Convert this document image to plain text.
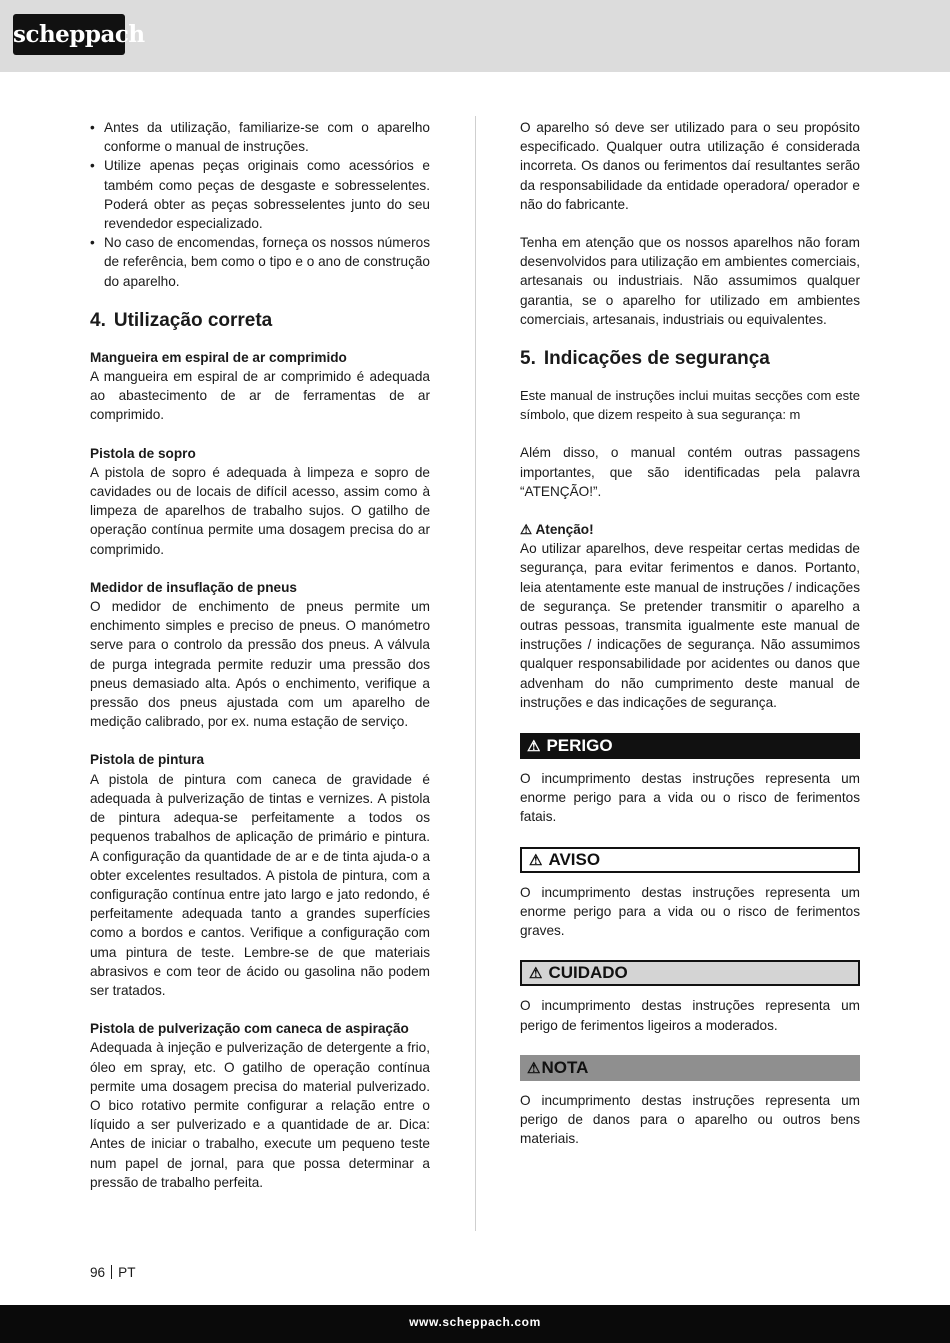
scheppach
• Antes da utilização, familiarize-se com o aparelho conforme o manual de instruções.
• Utilize apenas peças originais como acessórios e também como peças de desgaste e sobresselentes. Poderá obter as peças sobresselentes junto do seu revendedor especializado.
• No caso de encomendas, forneça os nossos números de referência, bem como o tipo e o ano de construção do aparelho.
4. Utilização correta

Mangueira em espiral de ar comprimido

A mangueira em espiral de ar comprimido é adequada ao abastecimento de ar de ferramentas de ar comprimido.

Pistola de sopro

A pistola de sopro é adequada à limpeza e sopro de cavidades ou de locais de difícil acesso, assim como à limpeza de aparelhos de trabalho sujos. O gatilho de operação contínua permite uma dosagem precisa do ar comprimido.

Medidor de insuflação de pneus

O medidor de enchimento de pneus permite um enchimento simples e preciso de pneus. O manómetro serve para o controlo da pressão dos pneus. A válvula de purga integrada permite reduzir uma pressão dos pneus demasiado alta. Após o enchimento, verifique a pressão dos pneus ajustada com um aparelho de medição calibrado, por ex. numa estação de serviço.

Pistola de pintura

A pistola de pintura com caneca de gravidade é adequada à pulverização de tintas e vernizes. A pistola de pintura adequa-se perfeitamente a todos os pequenos trabalhos de aplicação de primário e pintura. A configuração da quantidade de ar e de tinta ajuda-o a obter excelentes resultados. A pistola de pintura, com a configuração contínua entre jato largo e jato redondo, é perfeitamente adequada tanto a grandes superfícies como a bordos e cantos. Verifique a configuração com uma pintura de teste. Lembre-se de que materiais abrasivos e com teor de ácido ou gasolina não podem ser tratados.

Pistola de pulverização com caneca de aspiração

Adequada à injeção e pulverização de detergente a frio, óleo em spray, etc. O gatilho de operação contínua permite uma dosagem precisa do material pulverizado. O bico rotativo permite configurar a relação entre o líquido a ser pulverizado e a quantidade de ar. Dica: Antes de iniciar o trabalho, execute um pequeno teste num papel de jornal, para que possa determinar a pressão de trabalho perfeita.

O aparelho só deve ser utilizado para o seu propósito especificado. Qualquer outra utilização é considerada incorreta. Os danos ou ferimentos daí resultantes serão da responsabilidade da entidade operadora/ operador e não do fabricante.

Tenha em atenção que os nossos aparelhos não foram desenvolvidos para utilização em ambientes comerciais, artesanais ou industriais. Não assumimos qualquer garantia, se o aparelho for utilizado em ambientes comerciais, artesanais, industriais ou equivalentes.

5. Indicações de segurança

Este manual de instruções inclui muitas secções com este símbolo, que dizem respeito à sua segurança: m

Além disso, o manual contém outras passagens importantes, que são identificadas pela palavra “ATENÇÃO!”.

⚠ Atenção!

Ao utilizar aparelhos, deve respeitar certas medidas de segurança, para evitar ferimentos e danos. Portanto, leia atentamente este manual de instruções / indicações de segurança. Se pretender transmitir o aparelho a outras pessoas, transmita igualmente este manual de instruções / indicações de segurança. Não assumimos qualquer responsabilidade por acidentes ou danos que advenham do não cumprimento deste manual de instruções e das indicações de segurança.

⚠ PERIGO

O incumprimento destas instruções representa um enorme perigo para a vida ou o risco de ferimentos fatais.

⚠ AVISO

O incumprimento destas instruções representa um enorme perigo para a vida ou o risco de ferimentos graves.

⚠ CUIDADO

O incumprimento destas instruções representa um perigo de ferimentos ligeiros a moderados.

⚠NOTA

O incumprimento destas instruções representa um perigo de danos para o aparelho ou outros bens materiais.

96 PT
www.scheppach.com
